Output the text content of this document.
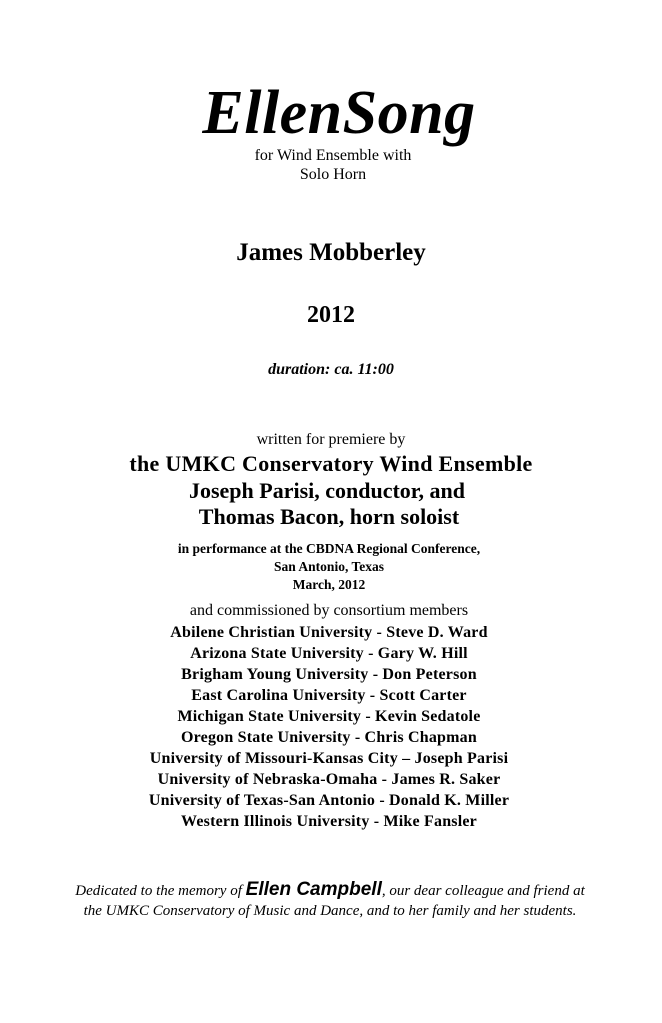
EllenSong
for Wind Ensemble with
Solo Horn
James Mobberley
2012
duration: ca. 11:00
written for premiere by
the UMKC Conservatory Wind Ensemble
Joseph Parisi, conductor, and
Thomas Bacon, horn soloist
in performance at the CBDNA Regional Conference,
San Antonio, Texas
March, 2012
and commissioned by consortium members
Abilene Christian University - Steve D. Ward
Arizona State University - Gary W. Hill
Brigham Young University - Don Peterson
East Carolina University - Scott Carter
Michigan State University - Kevin Sedatole
Oregon State University - Chris Chapman
University of Missouri-Kansas City – Joseph Parisi
University of Nebraska-Omaha - James R. Saker
University of Texas-San Antonio - Donald K. Miller
Western Illinois University - Mike Fansler
Dedicated to the memory of Ellen Campbell, our dear colleague and friend at
the UMKC Conservatory of Music and Dance, and to her family and her students.
